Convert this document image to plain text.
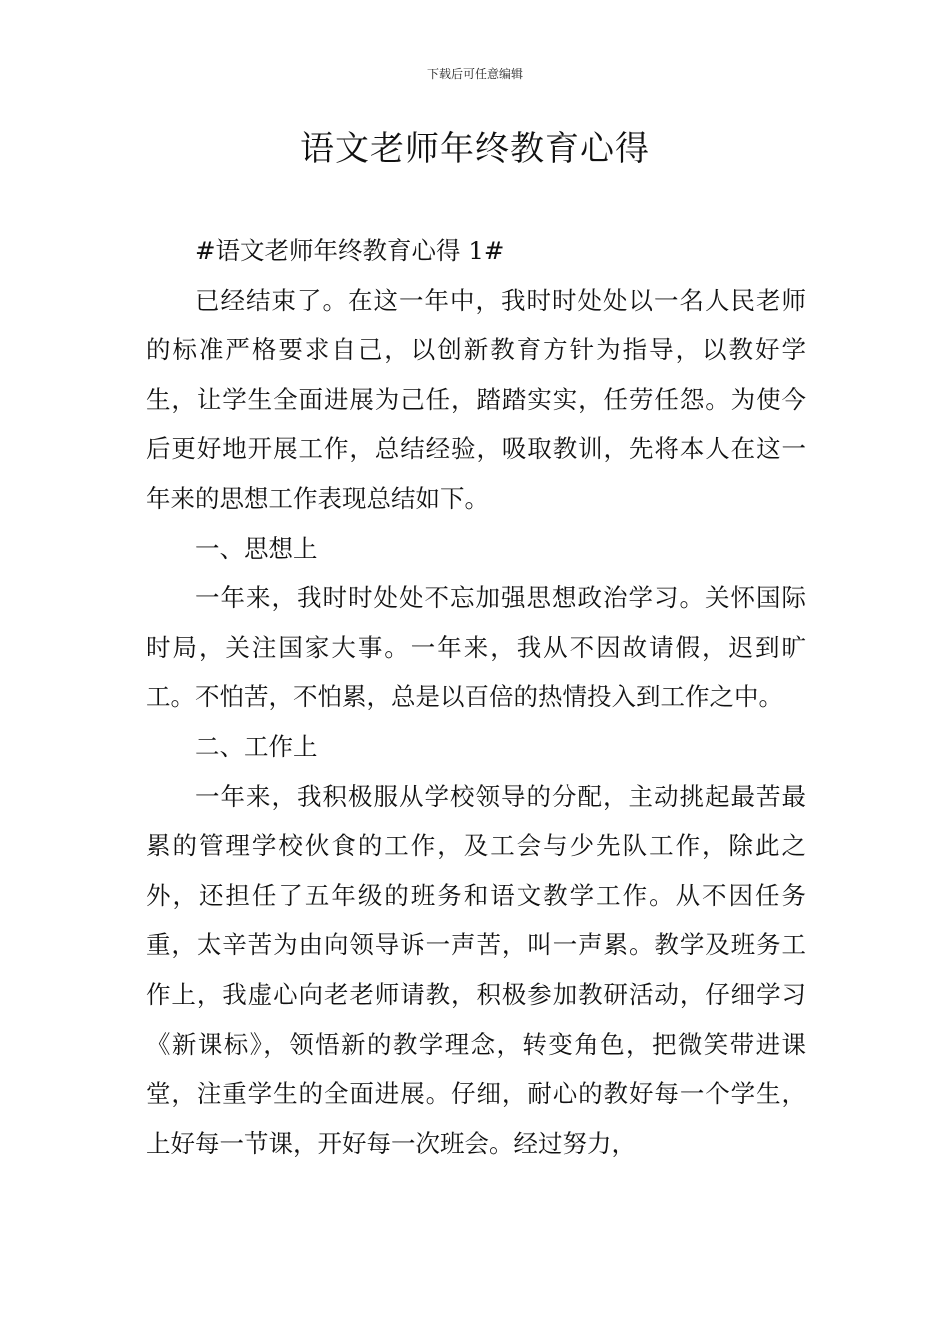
下载后可任意编辑
语文老师年终教育心得

#语文老师年终教育心得 1#

已经结束了。在这一年中，我时时处处以一名人民老师的标准严格要求自己，以创新教育方针为指导，以教好学生，让学生全面进展为己任，踏踏实实，任劳任怨。为使今后更好地开展工作，总结经验，吸取教训，先将本人在这一年来的思想工作表现总结如下。

一、思想上

一年来，我时时处处不忘加强思想政治学习。关怀国际时局，关注国家大事。一年来，我从不因故请假，迟到旷工。不怕苦，不怕累，总是以百倍的热情投入到工作之中。

二、工作上

一年来，我积极服从学校领导的分配，主动挑起最苦最累的管理学校伙食的工作，及工会与少先队工作，除此之外，还担任了五年级的班务和语文教学工作。从不因任务重，太辛苦为由向领导诉一声苦，叫一声累。教学及班务工作上，我虚心向老老师请教，积极参加教研活动，仔细学习《新课标》，领悟新的教学理念，转变角色，把微笑带进课堂，注重学生的全面进展。仔细，耐心的教好每一个学生，上好每一节课，开好每一次班会。经过努力，
